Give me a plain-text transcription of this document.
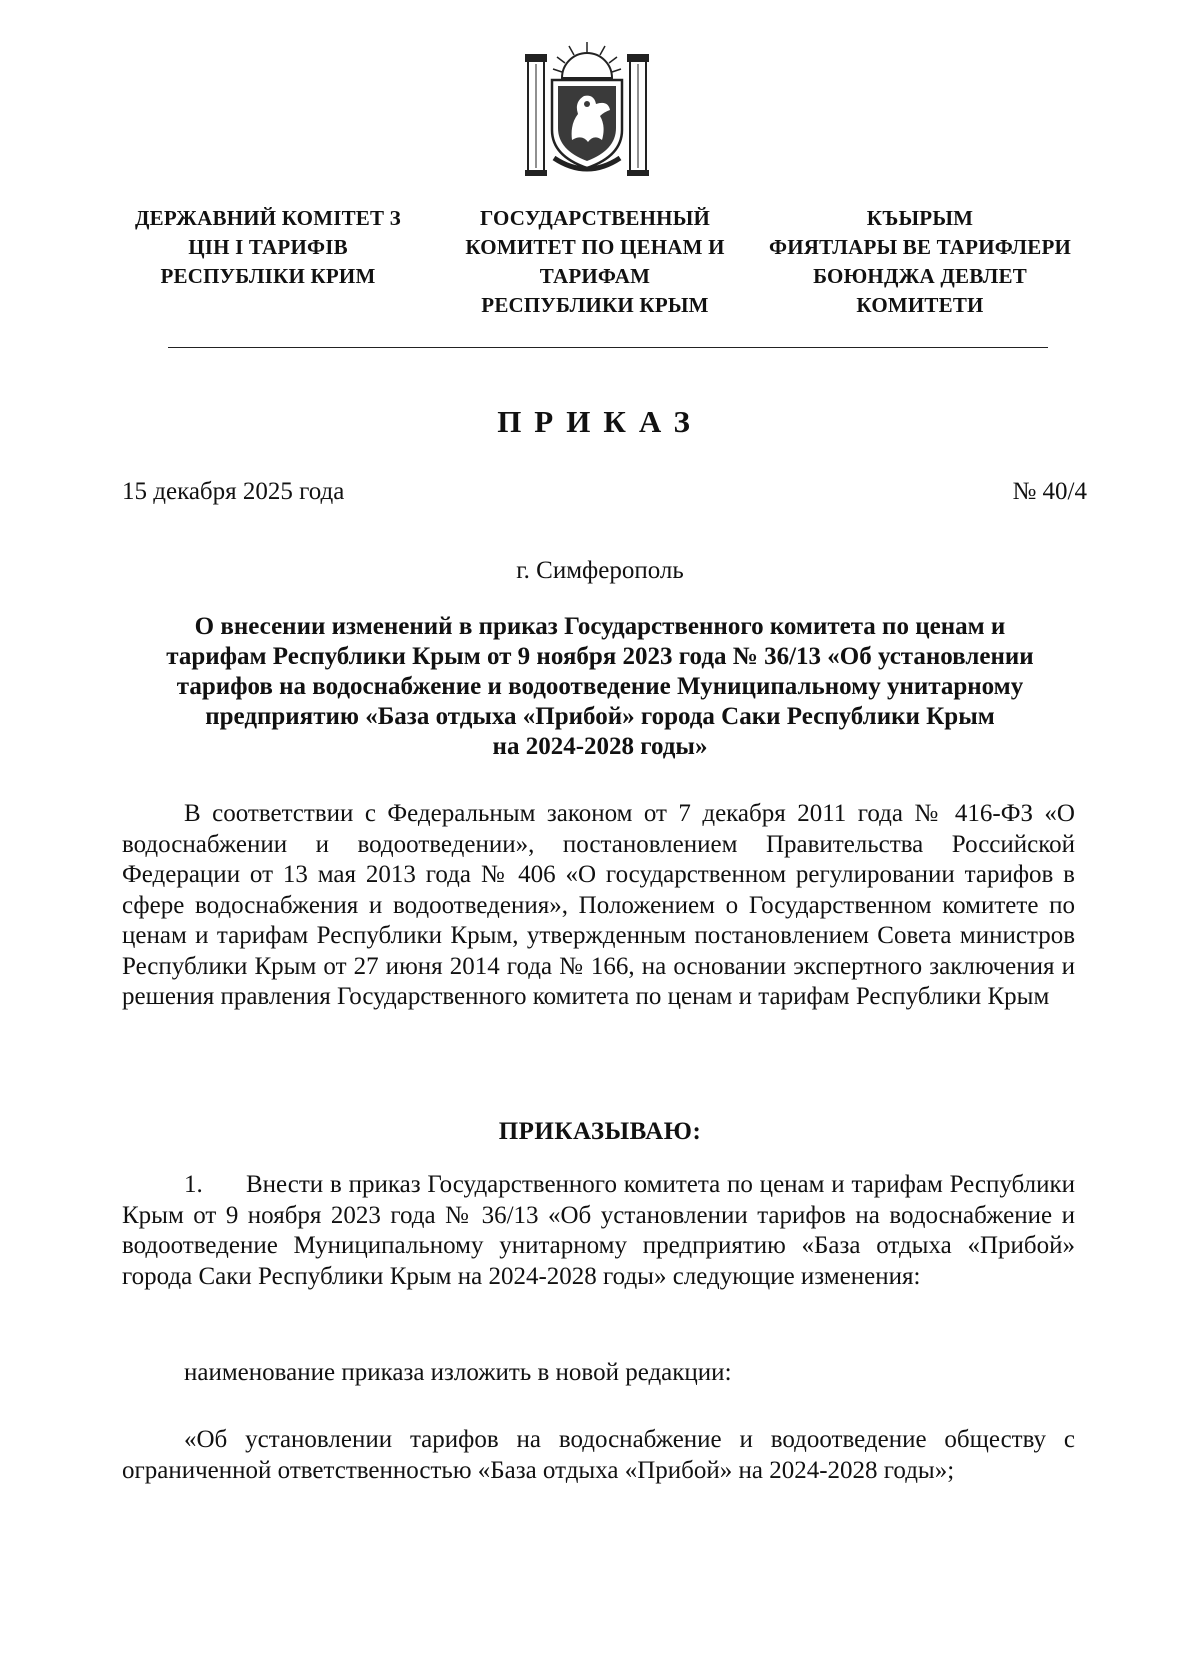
ДЕРЖАВНИЙ КОМІТЕТ З
ЦІН І ТАРИФІВ
РЕСПУБЛІКИ КРИМ
ГОСУДАРСТВЕННЫЙ
КОМИТЕТ ПО ЦЕНАМ И
ТАРИФАМ
РЕСПУБЛИКИ КРЫМ
КЪЫРЫМ
ФИЯТЛАРЫ ВЕ ТАРИФЛЕРИ
БОЮНДЖА ДЕВЛЕТ
КОМИТЕТИ
ПРИКАЗ
15 декабря 2025 года	№ 40/4
г. Симферополь
О внесении изменений в приказ Государственного комитета по ценам и
тарифам Республики Крым от 9 ноября 2023 года № 36/13 «Об установлении
тарифов на водоснабжение и водоотведение Муниципальному унитарному
предприятию «База отдыха «Прибой» города Саки Республики Крым
на 2024-2028 годы»
В соответствии с Федеральным законом от 7 декабря 2011 года № 416-ФЗ «О водоснабжении и водоотведении», постановлением Правительства Российской Федерации от 13 мая 2013 года № 406 «О государственном регулировании тарифов в сфере водоснабжения и водоотведения», Положением о Государственном комитете по ценам и тарифам Республики Крым, утвержденным постановлением Совета министров Республики Крым от 27 июня 2014 года № 166, на основании экспертного заключения и решения правления Государственного комитета по ценам и тарифам Республики Крым
ПРИКАЗЫВАЮ:
1. Внести в приказ Государственного комитета по ценам и тарифам Республики Крым от 9 ноября 2023 года № 36/13 «Об установлении тарифов на водоснабжение и водоотведение Муниципальному унитарному предприятию «База отдыха «Прибой» города Саки Республики Крым на 2024-2028 годы» следующие изменения:
наименование приказа изложить в новой редакции:
«Об установлении тарифов на водоснабжение и водоотведение обществу с ограниченной ответственностью «База отдыха «Прибой» на 2024-2028 годы»;
